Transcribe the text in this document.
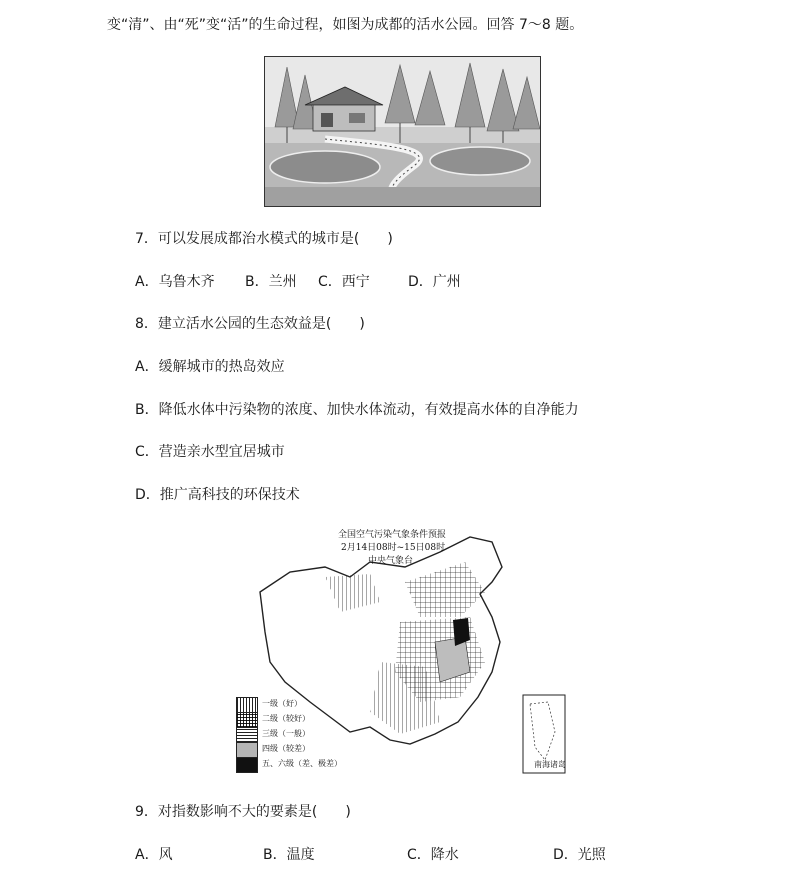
变“清”、由“死”变“活”的生命过程，如图为成都的活水公园。回答 7～8 题。
7．可以发展成都治水模式的城市是(　　)
A．乌鲁木齐 B．兰州 C．西宁	D．广州
8．建立活水公园的生态效益是(　　)
A．缓解城市的热岛效应
B．降低水体中污染物的浓度、加快水体流动，有效提高水体的自净能力
C．营造亲水型宜居城市
D．推广高科技的环保技术
全国空气污染气象条件预报
2月14日08时~15日08时
中央气象台
一级（好）
二级（较好）
三级（一般）
四级（较差）
五、六级（差、极差）	南海诸岛
9．对指数影响不大的要素是(　　)
A．风	B．温度	C．降水	D．光照
